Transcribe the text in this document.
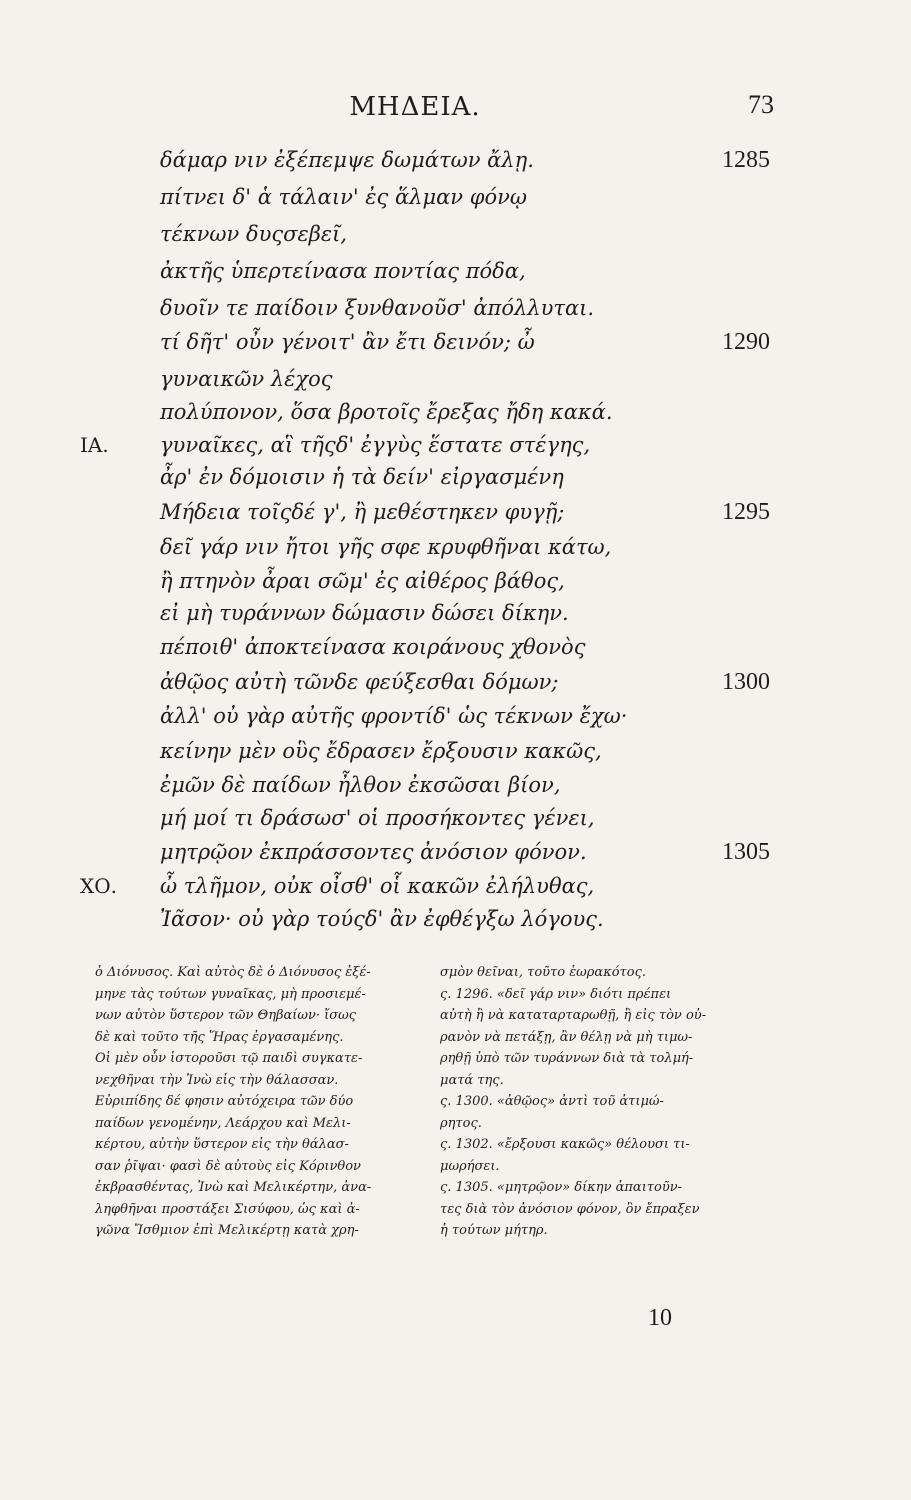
ΜΗΔΕΙΑ.	73
δάμαρ νιν ἐξέπεμψε δωμάτων ἄλῃ.
πίτνει δ' ἁ τάλαιν' ἐς ἅλμαν φόνῳ
τέκνων δυςσεβεῖ,
ἀκτῆς ὑπερτείνασα ποντίας πόδα,
δυοῖν τε παίδοιν ξυνθανοῦσ' ἀπόλλυται.
τί δῆτ' οὖν γένοιτ' ἂν ἔτι δεινόν; ὦ
γυναικῶν λέχος
πολύπονον, ὅσα βροτοῖς ἔρεξας ἤδη κακά.
γυναῖκες, αἳ τῆςδ' ἐγγὺς ἕστατε στέγης,
ἆρ' ἐν δόμοισιν ἡ τὰ δείν' εἰργασμένη
Μήδεια τοῖςδέ γ', ἢ μεθέστηκεν φυγῇ;
δεῖ γάρ νιν ἤτοι γῆς σφε κρυφθῆναι κάτω,
ἢ πτηνὸν ἆραι σῶμ' ἐς αἰθέρος βάθος,
εἰ μὴ τυράννων δώμασιν δώσει δίκην.
πέποιθ' ἀποκτείνασα κοιράνους χθονὸς
ἀθῷος αὐτὴ τῶνδε φεύξεσθαι δόμων;
ἀλλ' οὐ γὰρ αὐτῆς φροντίδ' ὡς τέκνων ἔχω·
κείνην μὲν οὓς ἔδρασεν ἔρξουσιν κακῶς,
ἐμῶν δὲ παίδων ἦλθον ἐκσῶσαι βίον,
μή μοί τι δράσωσ' οἱ προσήκοντες γένει,
μητρῷον ἐκπράσσοντες ἀνόσιον φόνον.
ὦ τλῆμον, οὐκ οἶσθ' οἷ κακῶν ἐλήλυθας,
Ἰᾶσον· οὐ γὰρ τούςδ' ἂν ἐφθέγξω λόγους.
ΙΑ.
ΧΟ.
1285
1290
1295
1300
1305
ὁ Διόνυσος. Καὶ αὐτὸς δὲ ὁ Διόνυσος ἐξέ-
μηνε τὰς τούτων γυναῖκας, μὴ προσιεμέ-
νων αὐτὸν ὕστερον τῶν Θηβαίων· ἴσως
δὲ καὶ τοῦτο τῆς Ἥρας ἐργασαμένης.
Οἱ μὲν οὖν ἱστοροῦσι τῷ παιδὶ συγκατε-
νεχθῆναι τὴν Ἰνὼ εἰς τὴν θάλασσαν.
Εὐριπίδης δέ φησιν αὐτόχειρα τῶν δύο
παίδων γενομένην, Λεάρχου καὶ Μελι-
κέρτου, αὐτὴν ὕστερον εἰς τὴν θάλασ-
σαν ῥῖψαι· φασὶ δὲ αὐτοὺς εἰς Κόρινθον
ἐκβρασθέντας, Ἰνὼ καὶ Μελικέρτην, ἀνα-
ληφθῆναι προστάξει Σισύφου, ὡς καὶ ἀ-
γῶνα Ἴσθμιον ἐπὶ Μελικέρτῃ κατὰ χρη-
σμὸν θεῖναι, τοῦτο ἑωρακότος.
ς. 1296. «δεῖ γάρ νιν» διότι πρέπει
αὐτὴ ἢ νὰ καταταρταρωθῇ, ἢ εἰς τὸν οὐ-
ρανὸν νὰ πετάξῃ, ἂν θέλῃ νὰ μὴ τιμω-
ρηθῇ ὑπὸ τῶν τυράννων διὰ τὰ τολμή-
ματά της.
ς. 1300. «ἀθῷος» ἀντὶ τοῦ ἀτιμώ-
ρητος.
ς. 1302. «ἔρξουσι κακῶς» θέλουσι τι-
μωρήσει.
ς. 1305. «μητρῷον» δίκην ἀπαιτοῦν-
τες διὰ τὸν ἀνόσιον φόνον, ὃν ἔπραξεν
ἡ τούτων μήτηρ.
10
